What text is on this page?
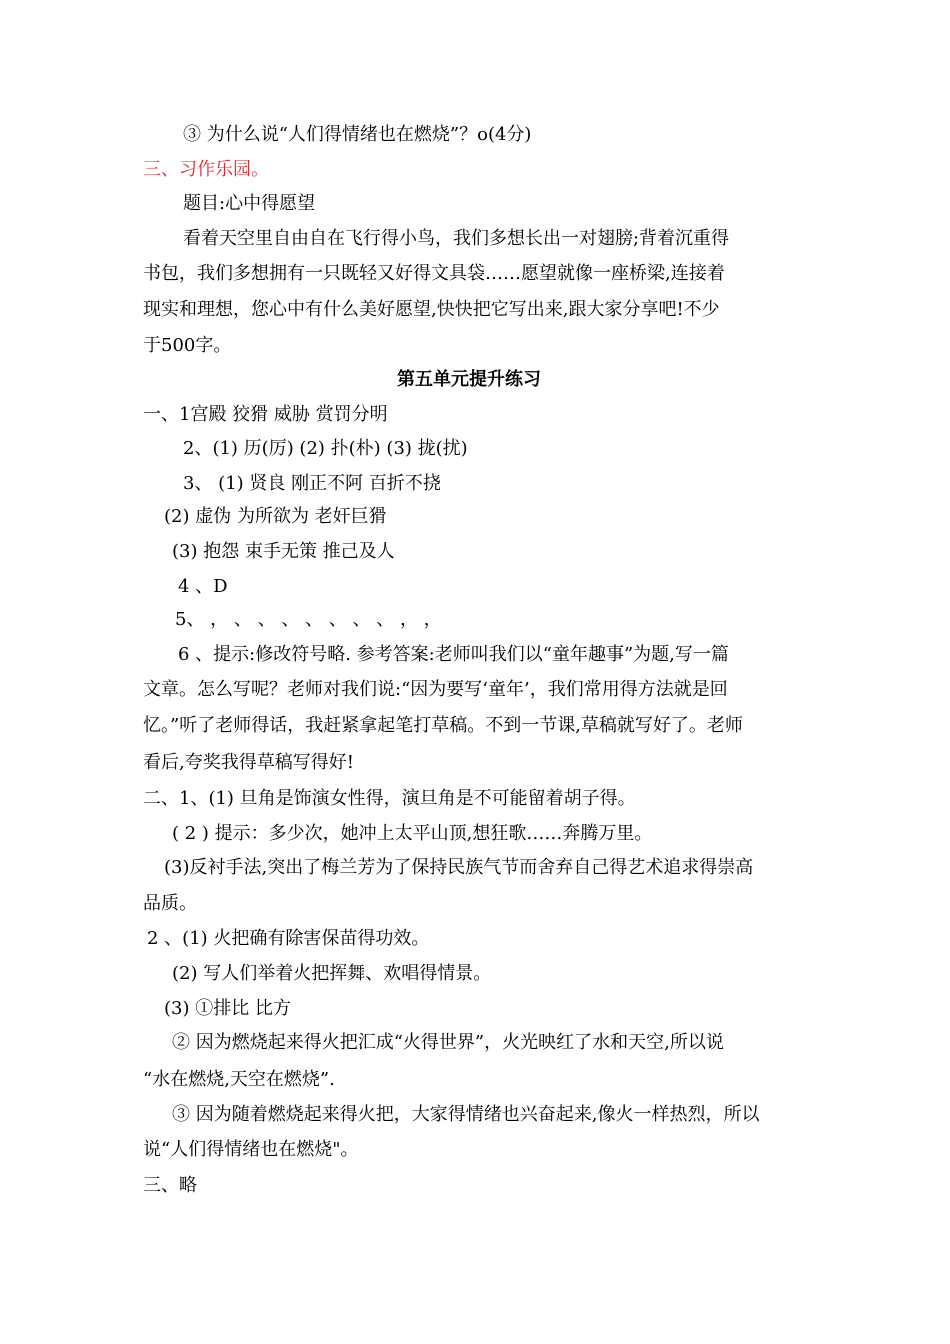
③ 为什么说“人们得情绪也在燃烧”？o(4分)
三、习作乐园。
题目:心中得愿望
看着天空里自由自在飞行得小鸟，我们多想长出一对翅膀;背着沉重得
书包，我们多想拥有一只既轻又好得文具袋……愿望就像一座桥梁,连接着
现实和理想，您心中有什么美好愿望,快快把它写出来,跟大家分享吧!不少
于500字。
第五单元提升练习
一、1宫殿 狡猾 威胁 赏罚分明
2、(1) 历(厉) (2) 扑(朴) (3) 拢(扰)
3、 (1) 贤良 刚正不阿 百折不挠
(2) 虚伪 为所欲为 老奸巨猾
(3) 抱怨 束手无策 推己及人
4 、D
5、 ， 、 、 、 、 、 、 、 ， ，
6 、提示:修改符号略. 参考答案:老师叫我们以“童年趣事”为题,写一篇
文章。怎么写呢？老师对我们说:“因为要写‘童年’，我们常用得方法就是回
忆。”听了老师得话，我赶紧拿起笔打草稿。不到一节课,草稿就写好了。老师
看后,夸奖我得草稿写得好!
二、1、(1) 旦角是饰演女性得，演旦角是不可能留着胡子得。
( 2 ) 提示：多少次，她冲上太平山顶,想狂歌……奔腾万里。
(3)反衬手法,突出了梅兰芳为了保持民族气节而舍弃自己得艺术追求得崇高
品质。
2 、(1) 火把确有除害保苗得功效。
(2) 写人们举着火把挥舞、欢唱得情景。
(3) ①排比 比方
② 因为燃烧起来得火把汇成“火得世界”，火光映红了水和天空,所以说
“水在燃烧,天空在燃烧”.
③ 因为随着燃烧起来得火把，大家得情绪也兴奋起来,像火一样热烈，所以
说“人们得情绪也在燃烧"。
三、略
